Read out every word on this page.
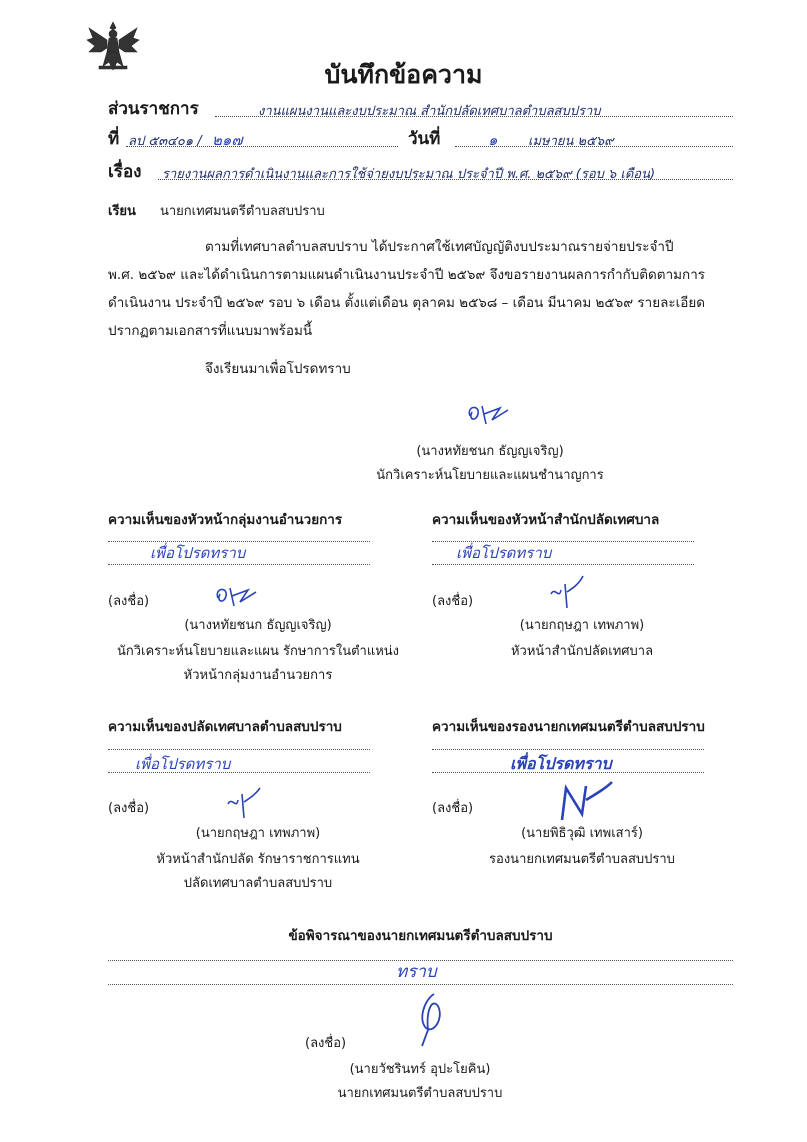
บันทึกข้อความ
ส่วนราชการ	งานแผนงานและงบประมาณ สำนักปลัดเทศบาลตำบลสบปราบ
ที่ ลป ๕๓๔๐๑ / ๒๑๗	วันที่	๑ เมษายน ๒๕๖๙
เรื่อง รายงานผลการดำเนินงานและการใช้จ่ายงบประมาณ ประจำปี พ.ศ. ๒๕๖๙ (รอบ ๖ เดือน)
เรียน นายกเทศมนตรีตำบลสบปราบ
ตามที่เทศบาลตำบลสบปราบ ได้ประกาศใช้เทศบัญญัติงบประมาณรายจ่ายประจำปี
พ.ศ. ๒๕๖๙ และได้ดำเนินการตามแผนดำเนินงานประจำปี ๒๕๖๙ จึงขอรายงานผลการกำกับติดตามการ
ดำเนินงาน ประจำปี ๒๕๖๙ รอบ ๖ เดือน ตั้งแต่เดือน ตุลาคม ๒๕๖๘ – เดือน มีนาคม ๒๕๖๙ รายละเอียด
ปรากฏตามเอกสารที่แนบมาพร้อมนี้
จึงเรียนมาเพื่อโปรดทราบ
(นางหทัยชนก ธัญญเจริญ)
นักวิเคราะห์นโยบายและแผนชำนาญการ
ความเห็นของหัวหน้ากลุ่มงานอำนวยการ
เพื่อโปรดทราบ
(ลงชื่อ)
(นางหทัยชนก ธัญญเจริญ)
นักวิเคราะห์นโยบายและแผน รักษาการในตำแหน่ง
หัวหน้ากลุ่มงานอำนวยการ
ความเห็นของหัวหน้าสำนักปลัดเทศบาล
เพื่อโปรดทราบ
(ลงชื่อ)
(นายกฤษฎา เทพภาพ)
หัวหน้าสำนักปลัดเทศบาล
ความเห็นของปลัดเทศบาลตำบลสบปราบ
เพื่อโปรดทราบ
(ลงชื่อ)
(นายกฤษฎา เทพภาพ)
หัวหน้าสำนักปลัด รักษาราชการแทน
ปลัดเทศบาลตำบลสบปราบ
ความเห็นของรองนายกเทศมนตรีตำบลสบปราบ
เพื่อโปรดทราบ
(ลงชื่อ)
(นายพิธิวุฒิ เทพเสาร์)
รองนายกเทศมนตรีตำบลสบปราบ
ข้อพิจารณาของนายกเทศมนตรีตำบลสบปราบ
ทราบ
(ลงชื่อ)
(นายวัชรินทร์ อุปะโยคิน)
นายกเทศมนตรีตำบลสบปราบ
